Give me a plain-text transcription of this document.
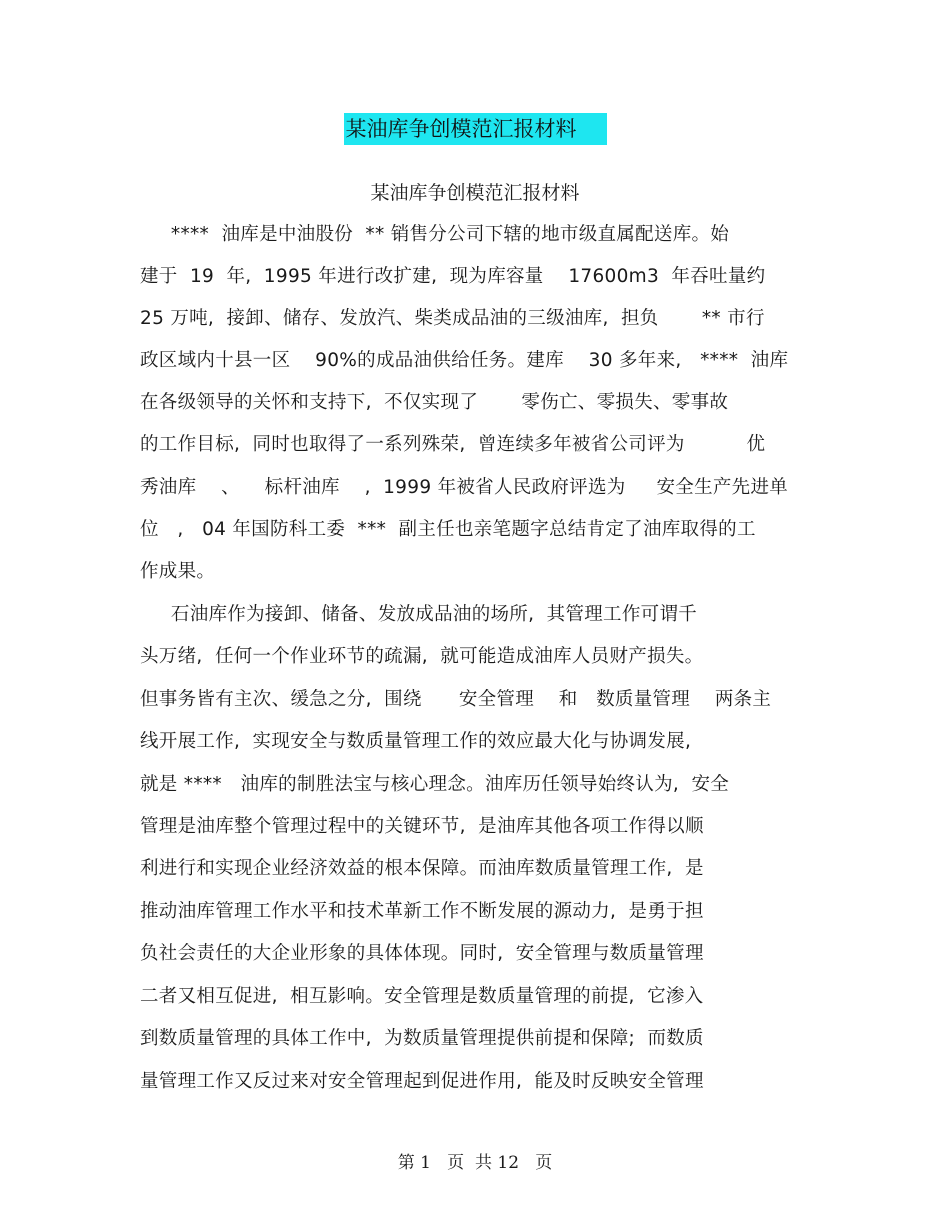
某油库争创模范汇报材料
某油库争创模范汇报材料
****  油库是中油股份  ** 销售分公司下辖的地市级直属配送库。始
建于  19  年,  1995 年进行改扩建,  现为库容量    17600m3  年吞吐量约
25 万吨,  接卸、储存、发放汽、柴类成品油的三级油库,  担负       ** 市行
政区域内十县一区    90%的成品油供给任务。建库    30 多年来,   ****  油库
在各级领导的关怀和支持下,  不仅实现了       零伤亡、零损失、零事故
的工作目标,  同时也取得了一系列殊荣,  曾连续多年被省公司评为          优
秀油库    、    标杆油库    ,  1999 年被省人民政府评选为     安全生产先进单
位   ,   04 年国防科工委  ***  副主任也亲笔题字总结肯定了油库取得的工
作成果。
石油库作为接卸、储备、发放成品油的场所,  其管理工作可谓千
头万绪,  任何一个作业环节的疏漏,  就可能造成油库人员财产损失。
但事务皆有主次、缓急之分,  围绕      安全管理    和   数质量管理    两条主
线开展工作,  实现安全与数质量管理工作的效应最大化与协调发展,
就是 ****   油库的制胜法宝与核心理念。油库历任领导始终认为,  安全
管理是油库整个管理过程中的关键环节,  是油库其他各项工作得以顺
利进行和实现企业经济效益的根本保障。而油库数质量管理工作,  是
推动油库管理工作水平和技术革新工作不断发展的源动力,  是勇于担
负社会责任的大企业形象的具体体现。同时,  安全管理与数质量管理
二者又相互促进,  相互影响。安全管理是数质量管理的前提,  它渗入
到数质量管理的具体工作中,  为数质量管理提供前提和保障;  而数质
量管理工作又反过来对安全管理起到促进作用,  能及时反映安全管理
第 1   页  共 12   页
